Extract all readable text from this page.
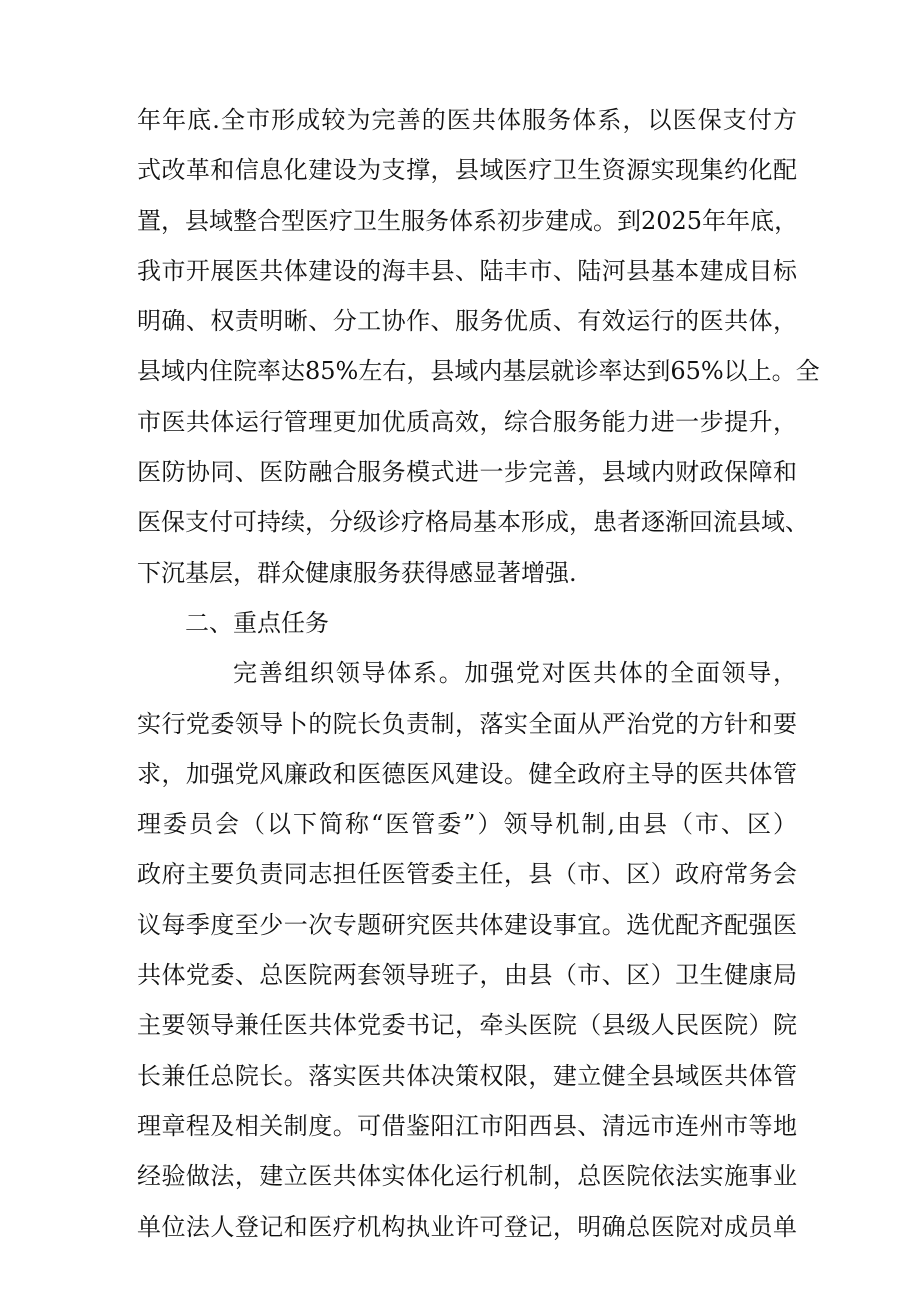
年年底.全市形成较为完善的医共体服务体系，以医保支付方
式改革和信息化建设为支撑，县域医疗卫生资源实现集约化配
置，县域整合型医疗卫生服务体系初步建成。到2025年年底，
我市开展医共体建设的海丰县、陆丰市、陆河县基本建成目标
明确、权责明晰、分工协作、服务优质、有效运行的医共体，
县域内住院率达85%左右，县域内基层就诊率达到65%以上。全
市医共体运行管理更加优质高效，综合服务能力进一步提升，
医防协同、医防融合服务模式进一步完善，县域内财政保障和
医保支付可持续，分级诊疗格局基本形成，患者逐渐回流县域、
下沉基层，群众健康服务获得感显著增强.
二、重点任务
完善组织领导体系。加强党对医共体的全面领导，
实行党委领导卜的院长负责制，落实全面从严治党的方针和要
求，加强党风廉政和医德医风建设。健全政府主导的医共体管
理委员会（以下简称“医管委”）领导机制,由县（市、区）
政府主要负责同志担任医管委主任，县（市、区）政府常务会
议每季度至少一次专题研究医共体建设事宜。选优配齐配强医
共体党委、总医院两套领导班子，由县（市、区）卫生健康局
主要领导兼任医共体党委书记，牵头医院（县级人民医院）院
长兼任总院长。落实医共体决策权限，建立健全县域医共体管
理章程及相关制度。可借鉴阳江市阳西县、清远市连州市等地
经验做法，建立医共体实体化运行机制，总医院依法实施事业
单位法人登记和医疗机构执业许可登记，明确总医院对成员单
